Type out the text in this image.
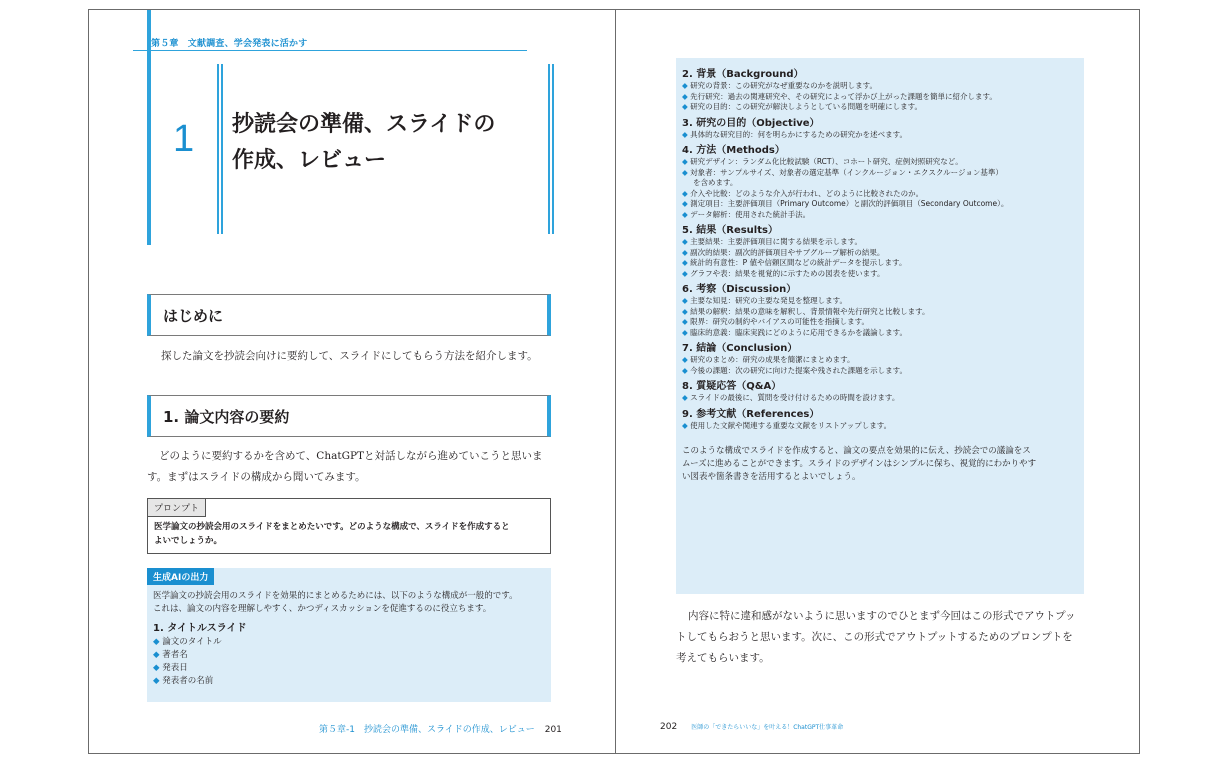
第５章　文献調査、学会発表に活かす
1 抄読会の準備、スライドの
作成、レビュー
はじめに
探した論文を抄読会向けに要約して、スライドにしてもらう方法を紹介します。
1. 論文内容の要約
どのように要約するかを含めて、ChatGPTと対話しながら進めていこうと思いま
す。まずはスライドの構成から聞いてみます。
プロンプト
医学論文の抄読会用のスライドをまとめたいです。どのような構成で、スライドを作成すると
よいでしょうか。
生成AIの出力
医学論文の抄読会用のスライドを効果的にまとめるためには、以下のような構成が一般的です。
これは、論文の内容を理解しやすく、かつディスカッションを促進するのに役立ちます。
1. タイトルスライド
◆ 論文のタイトル
◆ 著者名
◆ 発表日
◆ 発表者の名前
第５章-1　抄読会の準備、スライドの作成、レビュー 201
2. 背景（Background）
◆ 研究の背景：この研究がなぜ重要なのかを説明します。
◆ 先行研究：過去の関連研究や、その研究によって浮かび上がった課題を簡単に紹介します。
◆ 研究の目的：この研究が解決しようとしている問題を明確にします。
3. 研究の目的（Objective）
◆ 具体的な研究目的：何を明らかにするための研究かを述べます。
4. 方法（Methods）
◆ 研究デザイン：ランダム化比較試験（RCT）、コホート研究、症例対照研究など。
◆ 対象者：サンプルサイズ、対象者の選定基準（インクルージョン・エクスクルージョン基準）
を含めます。
◆ 介入や比較：どのような介入が行われ、どのように比較されたのか。
◆ 測定項目：主要評価項目（Primary Outcome）と副次的評価項目（Secondary Outcome）。
◆ データ解析：使用された統計手法。
5. 結果（Results）
◆ 主要結果：主要評価項目に関する結果を示します。
◆ 副次的結果：副次的評価項目やサブグループ解析の結果。
◆ 統計的有意性：P 値や信頼区間などの統計データを提示します。
◆ グラフや表：結果を視覚的に示すための図表を使います。
6. 考察（Discussion）
◆ 主要な知見：研究の主要な発見を整理します。
◆ 結果の解釈：結果の意味を解釈し、背景情報や先行研究と比較します。
◆ 限界：研究の制約やバイアスの可能性を指摘します。
◆ 臨床的意義：臨床実践にどのように応用できるかを議論します。
7. 結論（Conclusion）
◆ 研究のまとめ：研究の成果を簡潔にまとめます。
◆ 今後の課題：次の研究に向けた提案や残された課題を示します。
8. 質疑応答（Q&A）
◆ スライドの最後に、質問を受け付けるための時間を設けます。
9. 参考文献（References）
◆ 使用した文献や関連する重要な文献をリストアップします。
このような構成でスライドを作成すると、論文の要点を効果的に伝え、抄読会での議論をス
ムーズに進めることができます。スライドのデザインはシンプルに保ち、視覚的にわかりやす
い図表や箇条書きを活用するとよいでしょう。
内容に特に違和感がないように思いますのでひとまず今回はこの形式でアウトプッ
トしてもらおうと思います。次に、この形式でアウトプットするためのプロンプトを
考えてもらいます。
202 医師の「できたらいいな」を叶える！ChatGPT仕事革命
